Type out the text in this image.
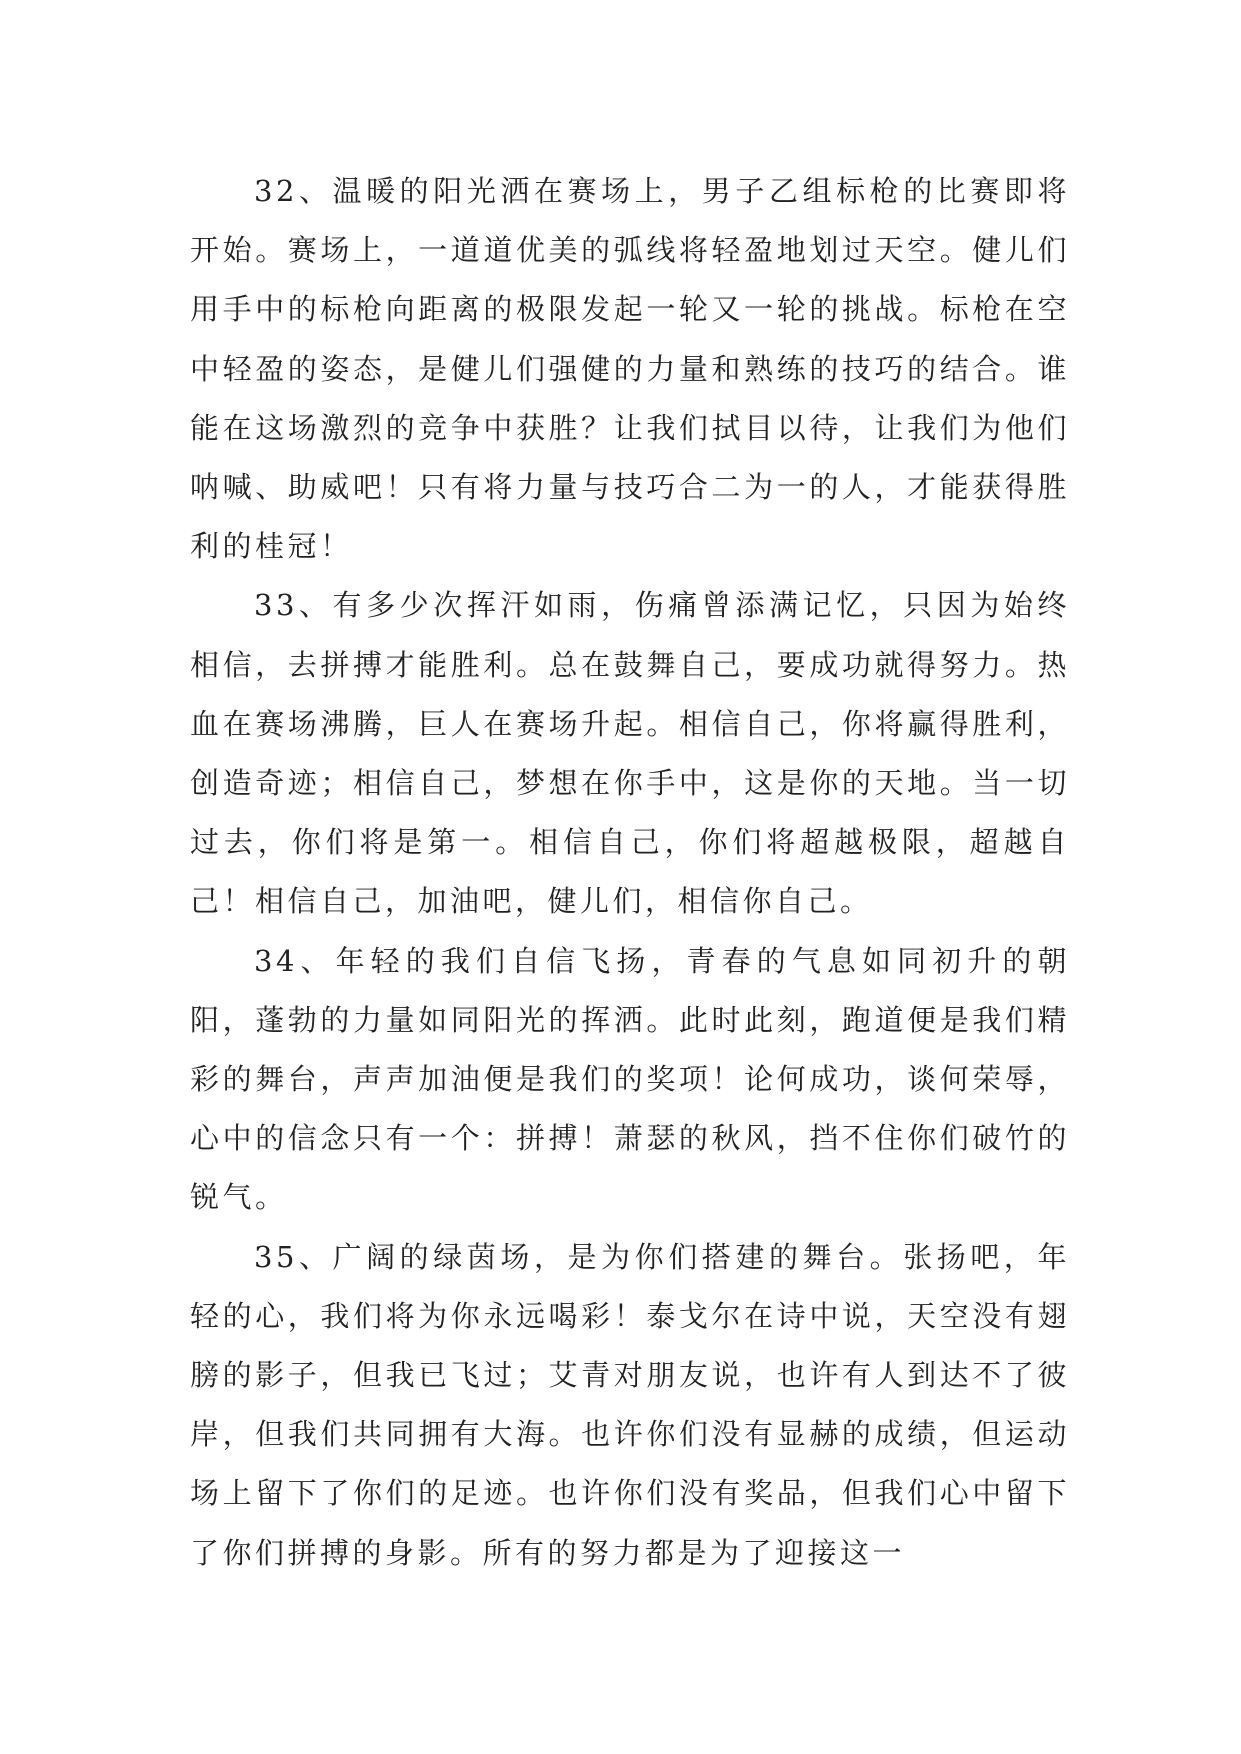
32、温暖的阳光洒在赛场上，男子乙组标枪的比赛即将开始。赛场上，一道道优美的弧线将轻盈地划过天空。健儿们用手中的标枪向距离的极限发起一轮又一轮的挑战。标枪在空中轻盈的姿态，是健儿们强健的力量和熟练的技巧的结合。谁能在这场激烈的竞争中获胜？让我们拭目以待，让我们为他们呐喊、助威吧！只有将力量与技巧合二为一的人，才能获得胜利的桂冠！

33、有多少次挥汗如雨，伤痛曾添满记忆，只因为始终相信，去拼搏才能胜利。总在鼓舞自己，要成功就得努力。热血在赛场沸腾，巨人在赛场升起。相信自己，你将赢得胜利，创造奇迹；相信自己，梦想在你手中，这是你的天地。当一切过去，你们将是第一。相信自己，你们将超越极限，超越自己！相信自己，加油吧，健儿们，相信你自己。

34、年轻的我们自信飞扬，青春的气息如同初升的朝阳，蓬勃的力量如同阳光的挥洒。此时此刻，跑道便是我们精彩的舞台，声声加油便是我们的奖项！论何成功，谈何荣辱，心中的信念只有一个：拼搏！萧瑟的秋风，挡不住你们破竹的锐气。

35、广阔的绿茵场，是为你们搭建的舞台。张扬吧，年轻的心，我们将为你永远喝彩！泰戈尔在诗中说，天空没有翅膀的影子，但我已飞过；艾青对朋友说，也许有人到达不了彼岸，但我们共同拥有大海。也许你们没有显赫的成绩，但运动场上留下了你们的足迹。也许你们没有奖品，但我们心中留下了你们拼搏的身影。所有的努力都是为了迎接这一
